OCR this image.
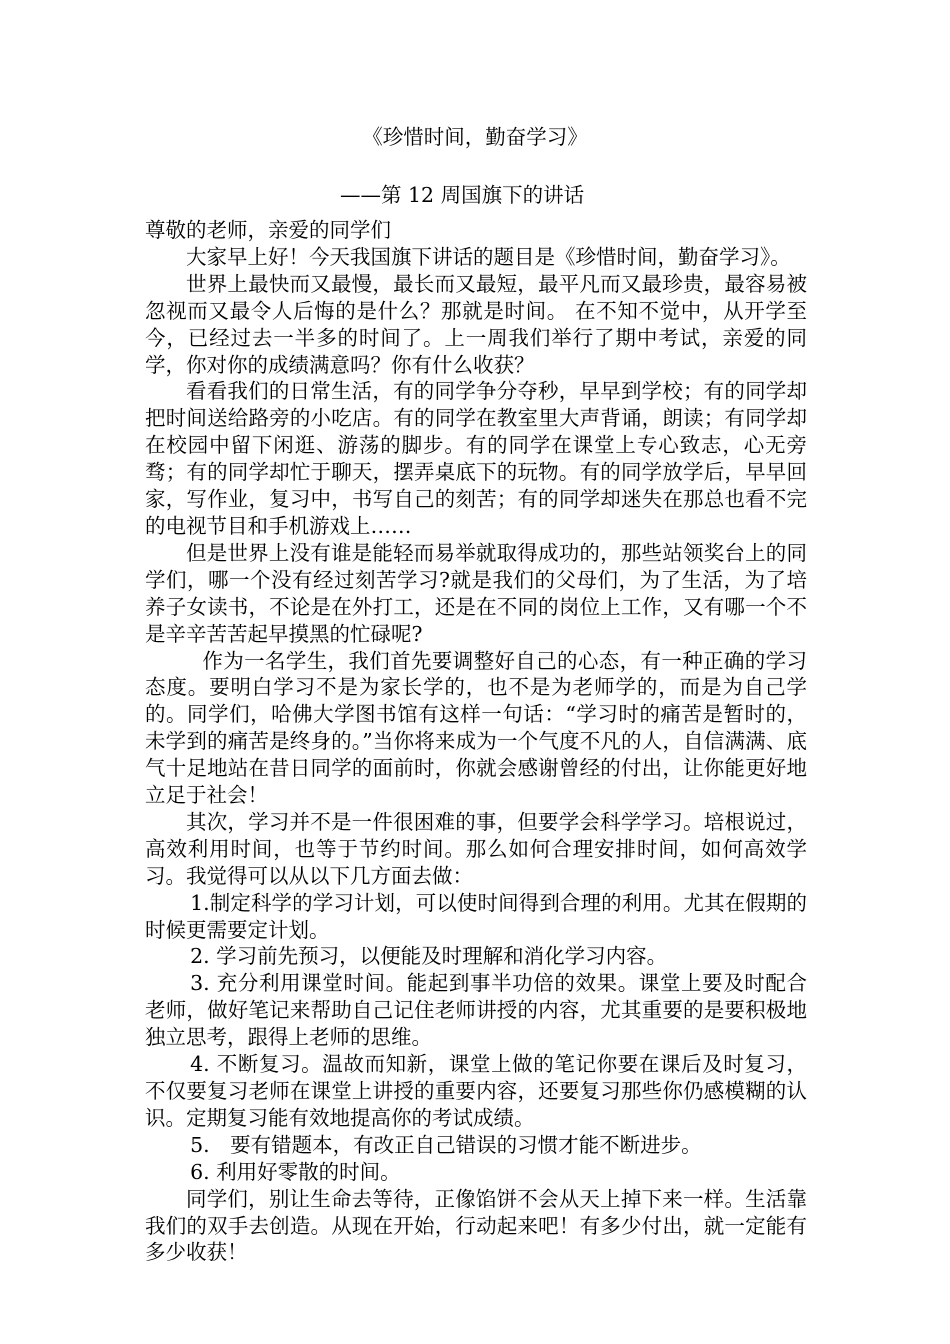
《珍惜时间，勤奋学习》
——第 12 周国旗下的讲话

尊敬的老师，亲爱的同学们

大家早上好！今天我国旗下讲话的题目是《珍惜时间，勤奋学习》。

世界上最快而又最慢，最长而又最短，最平凡而又最珍贵，最容易被忽视而又最令人后悔的是什么？那就是时间。 在不知不觉中，从开学至今，已经过去一半多的时间了。上一周我们举行了期中考试，亲爱的同学，你对你的成绩满意吗？你有什么收获？

看看我们的日常生活，有的同学争分夺秒，早早到学校；有的同学却把时间送给路旁的小吃店。有的同学在教室里大声背诵，朗读；有同学却在校园中留下闲逛、游荡的脚步。有的同学在课堂上专心致志，心无旁骛；有的同学却忙于聊天，摆弄桌底下的玩物。有的同学放学后，早早回家，写作业，复习中，书写自己的刻苦；有的同学却迷失在那总也看不完的电视节目和手机游戏上……

但是世界上没有谁是能轻而易举就取得成功的，那些站领奖台上的同学们，哪一个没有经过刻苦学习?就是我们的父母们，为了生活，为了培养子女读书，不论是在外打工，还是在不同的岗位上工作，又有哪一个不是辛辛苦苦起早摸黑的忙碌呢?

作为一名学生，我们首先要调整好自己的心态，有一种正确的学习态度。要明白学习不是为家长学的，也不是为老师学的，而是为自己学的。同学们，哈佛大学图书馆有这样一句话：“学习时的痛苦是暂时的，未学到的痛苦是终身的。”当你将来成为一个气度不凡的人，自信满满、底气十足地站在昔日同学的面前时，你就会感谢曾经的付出，让你能更好地立足于社会！

其次，学习并不是一件很困难的事，但要学会科学学习。培根说过，高效利用时间，也等于节约时间。那么如何合理安排时间，如何高效学习。我觉得可以从以下几方面去做：

1.制定科学的学习计划，可以使时间得到合理的利用。尤其在假期的时候更需要定计划。

2. 学习前先预习，以便能及时理解和消化学习内容。

3. 充分利用课堂时间。能起到事半功倍的效果。课堂上要及时配合老师，做好笔记来帮助自己记住老师讲授的内容，尤其重要的是要积极地独立思考，跟得上老师的思维。

4. 不断复习。温故而知新，课堂上做的笔记你要在课后及时复习，不仅要复习老师在课堂上讲授的重要内容，还要复习那些你仍感模糊的认识。定期复习能有效地提高你的考试成绩。

5.　要有错题本，有改正自己错误的习惯才能不断进步。

6. 利用好零散的时间。

同学们，别让生命去等待，正像馅饼不会从天上掉下来一样。生活靠我们的双手去创造。从现在开始，行动起来吧！有多少付出，就一定能有多少收获！
